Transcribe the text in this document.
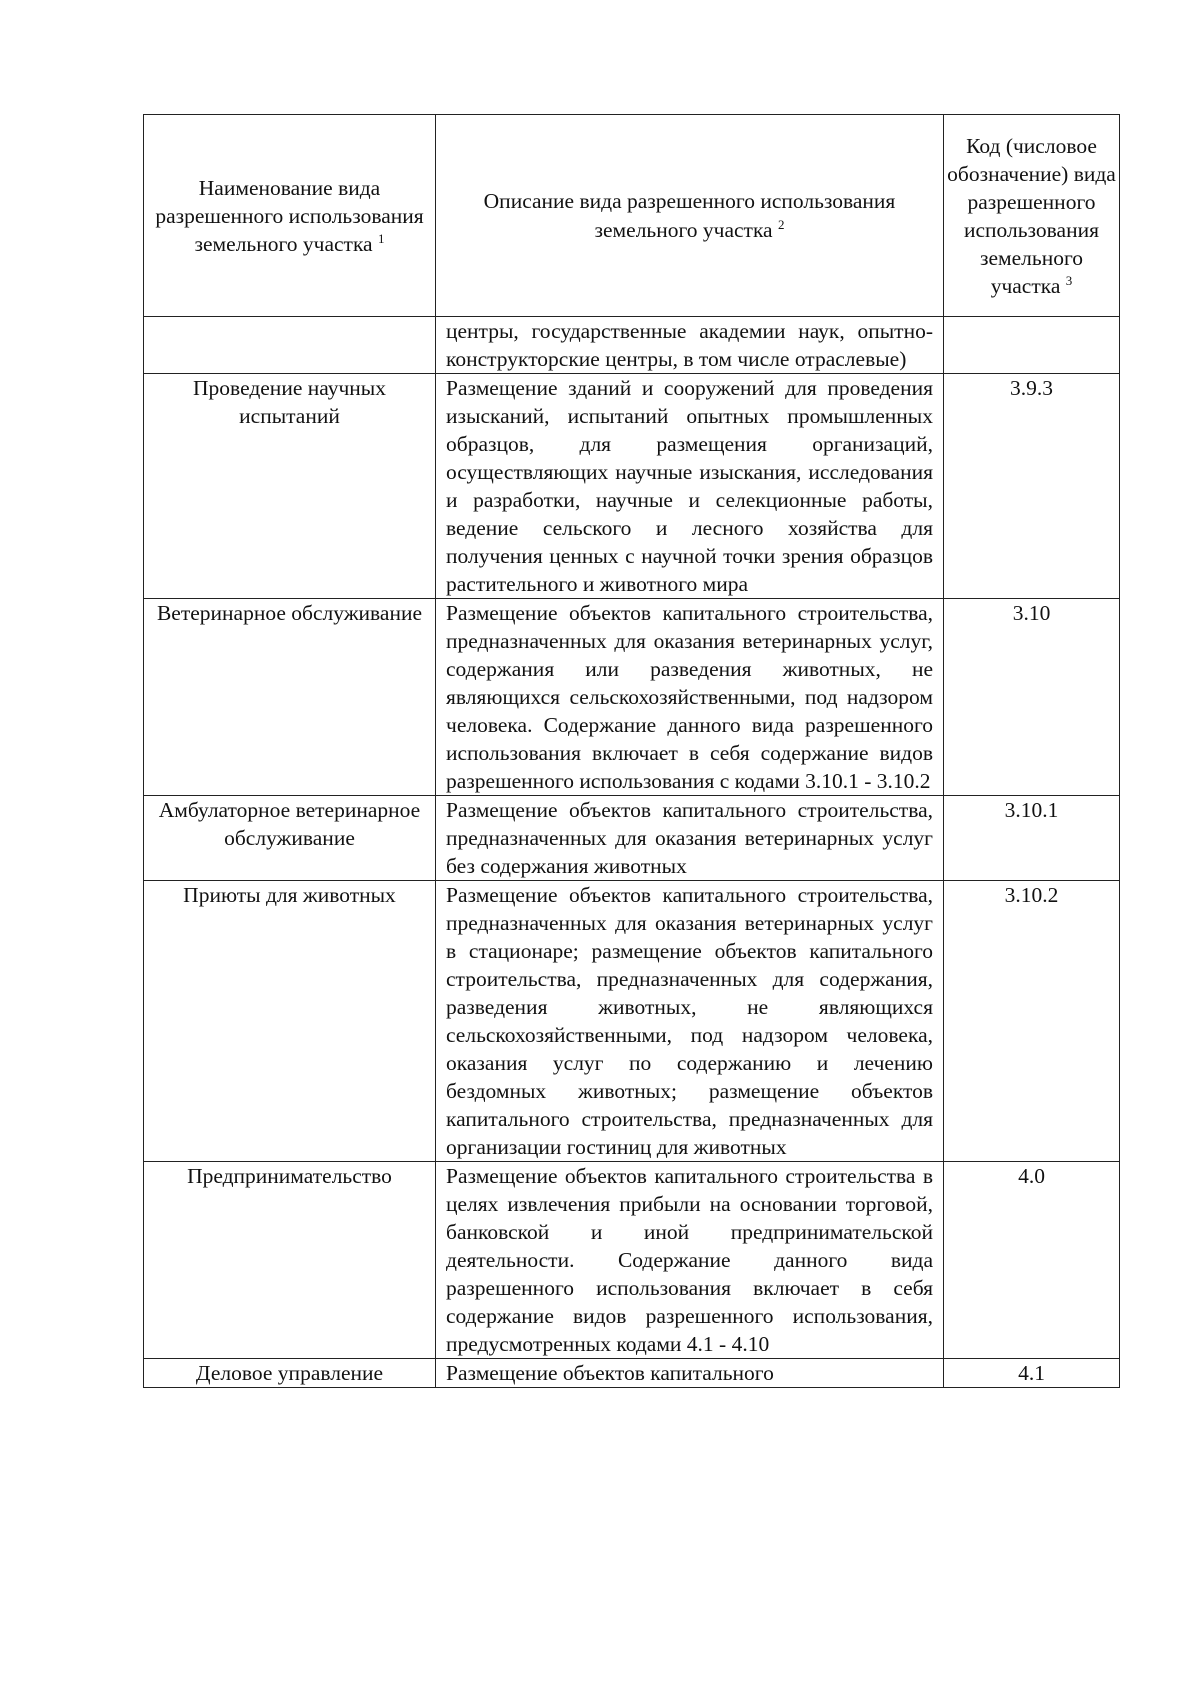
Наименование вида разрешенного использования земельного участка $^1$	Описание вида разрешенного использования земельного участка $^2$	Код (числовое обозначение) вида разрешенного использования земельного участка $^3$
	центры, государственные академии наук, опытно-конструкторские центры, в том числе отраслевые)	
Проведение научных испытаний	Размещение зданий и сооружений для проведения изысканий, испытаний опытных промышленных образцов, для размещения организаций, осуществляющих научные изыскания, исследования и разработки, научные и селекционные работы, ведение сельского и лесного хозяйства для получения ценных с научной точки зрения образцов растительного и животного мира	3.9.3
Ветеринарное обслуживание	Размещение объектов капитального строительства, предназначенных для оказания ветеринарных услуг, содержания или разведения животных, не являющихся сельскохозяйственными, под надзором человека. Содержание данного вида разрешенного использования включает в себя содержание видов разрешенного использования с кодами 3.10.1 - 3.10.2	3.10
Амбулаторное ветеринарное обслуживание	Размещение объектов капитального строительства, предназначенных для оказания ветеринарных услуг без содержания животных	3.10.1
Приюты для животных	Размещение объектов капитального строительства, предназначенных для оказания ветеринарных услуг в стационаре; размещение объектов капитального строительства, предназначенных для содержания, разведения животных, не являющихся сельскохозяйственными, под надзором человека, оказания услуг по содержанию и лечению бездомных животных; размещение объектов капитального строительства, предназначенных для организации гостиниц для животных	3.10.2
Предпринимательство	Размещение объектов капитального строительства в целях извлечения прибыли на основании торговой, банковской и иной предпринимательской деятельности. Содержание данного вида разрешенного использования включает в себя содержание видов разрешенного использования, предусмотренных кодами 4.1 - 4.10	4.0
Деловое управление	Размещение объектов капитального	4.1
